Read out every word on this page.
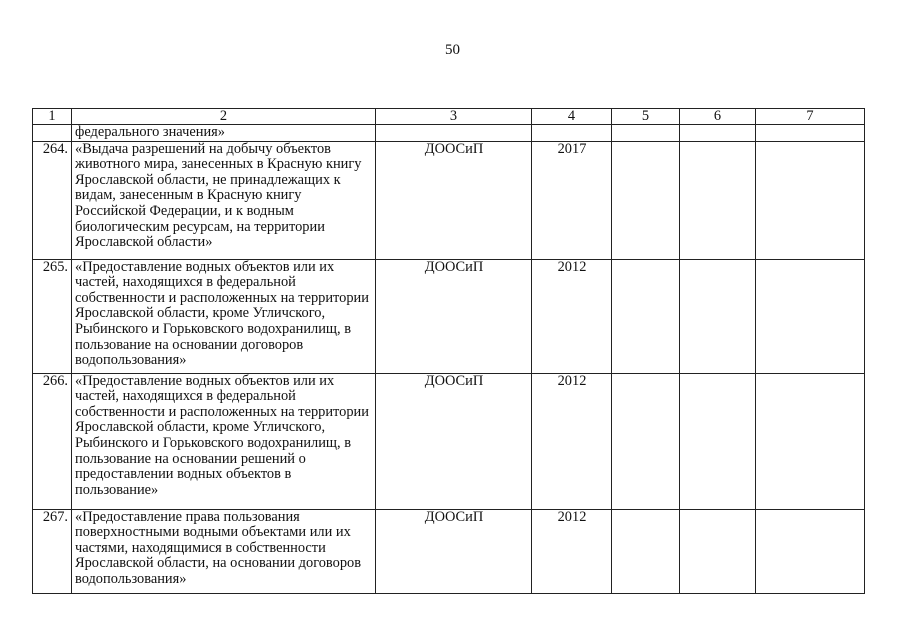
50
1	2	3	4	5	6	7
	федерального значения»					
264.	«Выдача разрешений на добычу объектов животного мира, занесенных в Красную книгу Ярославской области, не принадлежащих к видам, занесенным в Красную книгу Российской Федерации, и к водным биологическим ресурсам, на территории Ярославской области»	ДООСиП	2017			
265.	«Предоставление водных объектов или их частей, находящихся в федеральной собственности и расположенных на территории Ярославской области, кроме Угличского, Рыбинского и Горьковского водохранилищ, в пользование на основании договоров водопользования»	ДООСиП	2012			
266.	«Предоставление водных объектов или их частей, находящихся в федеральной собственности и расположенных на территории Ярославской области, кроме Угличского, Рыбинского и Горьковского водохранилищ, в пользование на основании решений о предоставлении водных объектов в пользование»	ДООСиП	2012			
267.	«Предоставление права пользования поверхностными водными объектами или их частями, находящимися в собственности Ярославской области, на основании договоров водопользования»	ДООСиП	2012			
